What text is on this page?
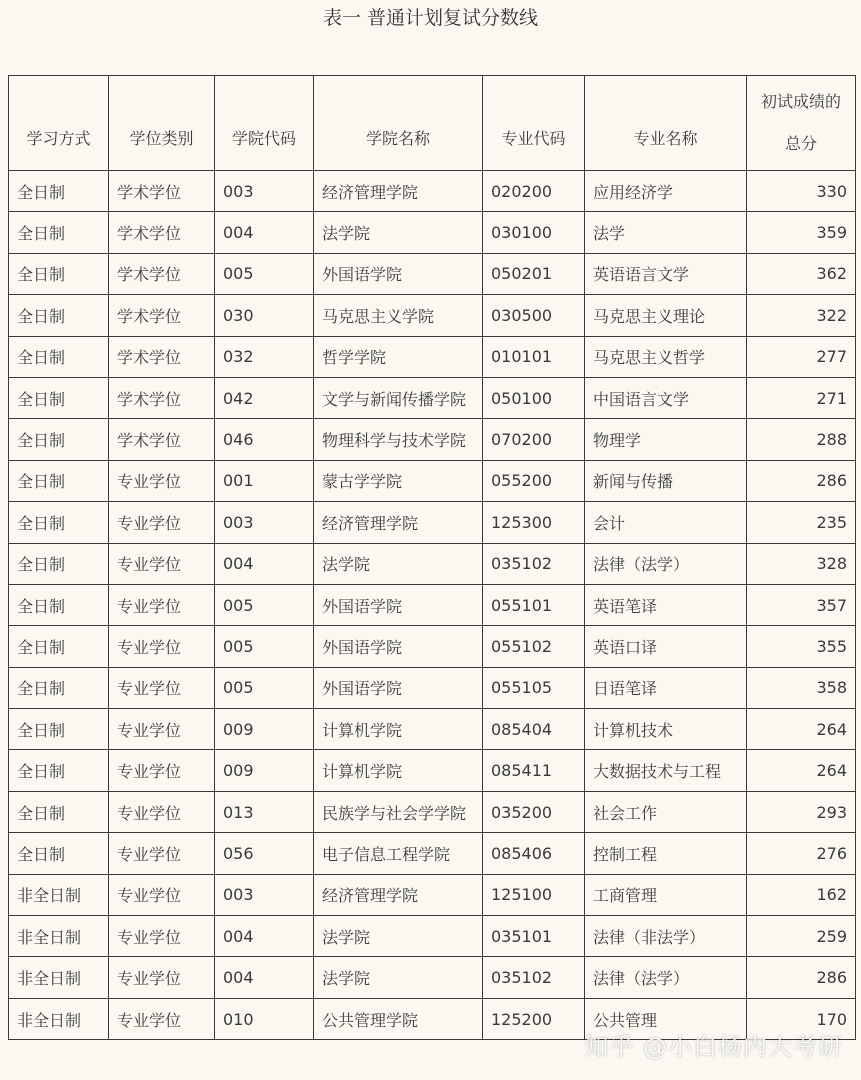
表一 普通计划复试分数线
学习方式	学位类别	学院代码	学院名称	专业代码	专业名称	初试成绩的
总分
全日制	学术学位	003	经济管理学院	020200	应用经济学	330
全日制	学术学位	004	法学院	030100	法学	359
全日制	学术学位	005	外国语学院	050201	英语语言文学	362
全日制	学术学位	030	马克思主义学院	030500	马克思主义理论	322
全日制	学术学位	032	哲学学院	010101	马克思主义哲学	277
全日制	学术学位	042	文学与新闻传播学院	050100	中国语言文学	271
全日制	学术学位	046	物理科学与技术学院	070200	物理学	288
全日制	专业学位	001	蒙古学学院	055200	新闻与传播	286
全日制	专业学位	003	经济管理学院	125300	会计	235
全日制	专业学位	004	法学院	035102	法律（法学）	328
全日制	专业学位	005	外国语学院	055101	英语笔译	357
全日制	专业学位	005	外国语学院	055102	英语口译	355
全日制	专业学位	005	外国语学院	055105	日语笔译	358
全日制	专业学位	009	计算机学院	085404	计算机技术	264
全日制	专业学位	009	计算机学院	085411	大数据技术与工程	264
全日制	专业学位	013	民族学与社会学学院	035200	社会工作	293
全日制	专业学位	056	电子信息工程学院	085406	控制工程	276
非全日制	专业学位	003	经济管理学院	125100	工商管理	162
非全日制	专业学位	004	法学院	035101	法律（非法学）	259
非全日制	专业学位	004	法学院	035102	法律（法学）	286
非全日制	专业学位	010	公共管理学院	125200	公共管理	170
知乎 @小白杨内大考研
